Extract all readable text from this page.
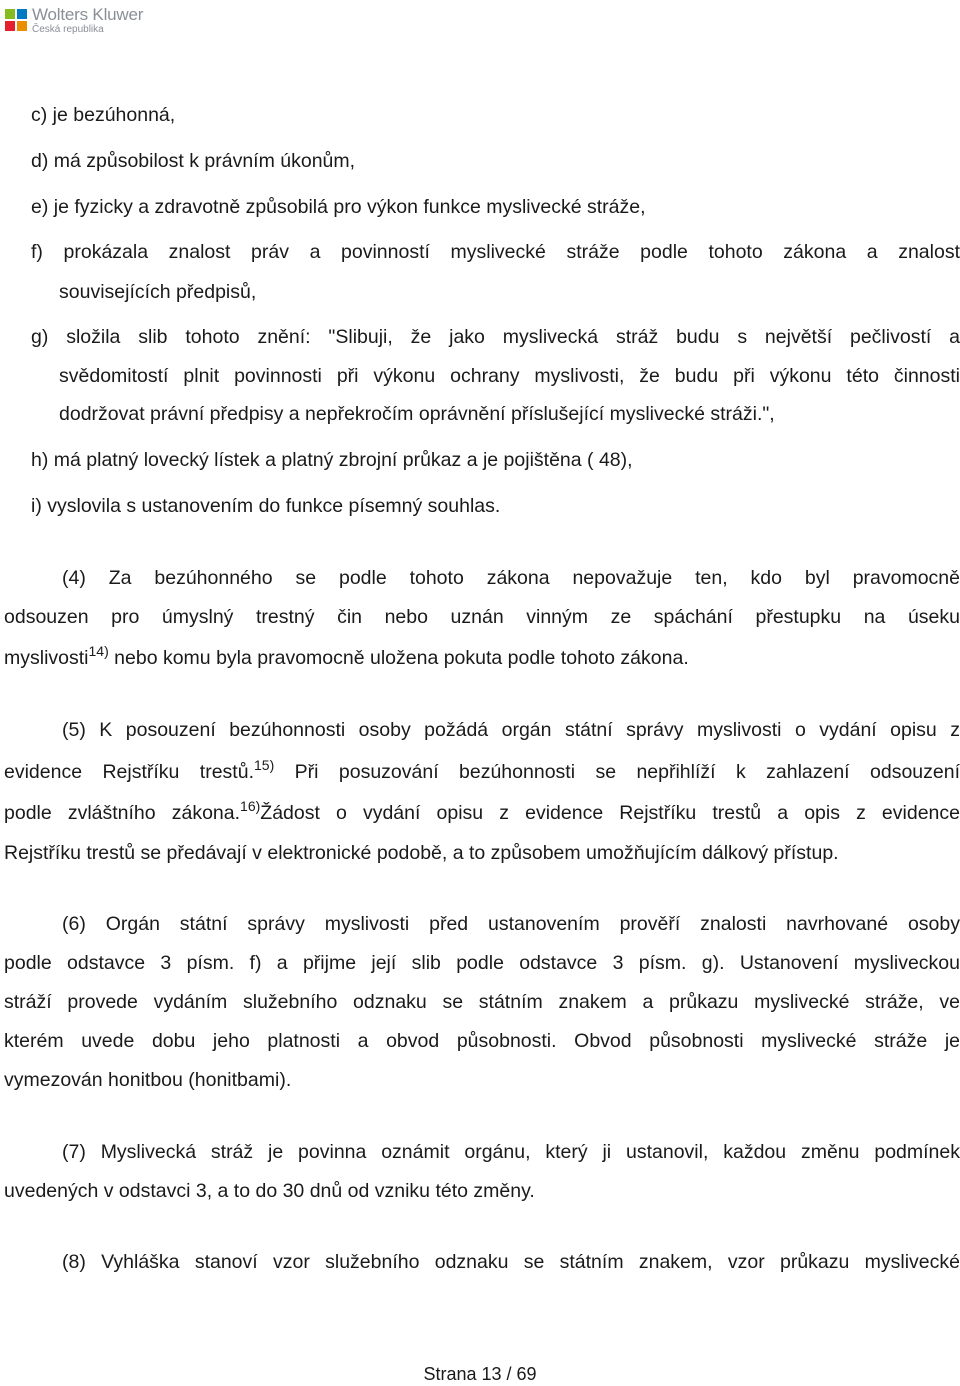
Wolters Kluwer
Česká republika
c) je bezúhonná,
d) má způsobilost k právním úkonům,
e) je fyzicky a zdravotně způsobilá pro výkon funkce myslivecké stráže,
f) prokázala znalost práv a povinností myslivecké stráže podle tohoto zákona a znalost
souvisejících předpisů,
g) složila slib tohoto znění: "Slibuji, že jako myslivecká stráž budu s největší pečlivostí a
svědomitostí plnit povinnosti při výkonu ochrany myslivosti, že budu při výkonu této činnosti
dodržovat právní předpisy a nepřekročím oprávnění příslušející myslivecké stráži.",
h) má platný lovecký lístek a platný zbrojní průkaz a je pojištěna ( 48),
i) vyslovila s ustanovením do funkce písemný souhlas.
(4) Za bezúhonného se podle tohoto zákona nepovažuje ten, kdo byl pravomocně
odsouzen pro úmyslný trestný čin nebo uznán vinným ze spáchání přestupku na úseku
myslivosti$^{14)}$ nebo komu byla pravomocně uložena pokuta podle tohoto zákona.
(5) K posouzení bezúhonnosti osoby požádá orgán státní správy myslivosti o vydání opisu z
evidence Rejstříku trestů.$^{15)}$ Při posuzování bezúhonnosti se nepřihlíží k zahlazení odsouzení
podle zvláštního zákona.$^{16)}$Žádost o vydání opisu z evidence Rejstříku trestů a opis z evidence
Rejstříku trestů se předávají v elektronické podobě, a to způsobem umožňujícím dálkový přístup.
(6) Orgán státní správy myslivosti před ustanovením prověří znalosti navrhované osoby
podle odstavce 3 písm. f) a přijme její slib podle odstavce 3 písm. g). Ustanovení mysliveckou
stráží provede vydáním služebního odznaku se státním znakem a průkazu myslivecké stráže, ve
kterém uvede dobu jeho platnosti a obvod působnosti. Obvod působnosti myslivecké stráže je
vymezován honitbou (honitbami).
(7) Myslivecká stráž je povinna oznámit orgánu, který ji ustanovil, každou změnu podmínek
uvedených v odstavci 3, a to do 30 dnů od vzniku této změny.
(8) Vyhláška stanoví vzor služebního odznaku se státním znakem, vzor průkazu myslivecké
Strana 13 / 69
